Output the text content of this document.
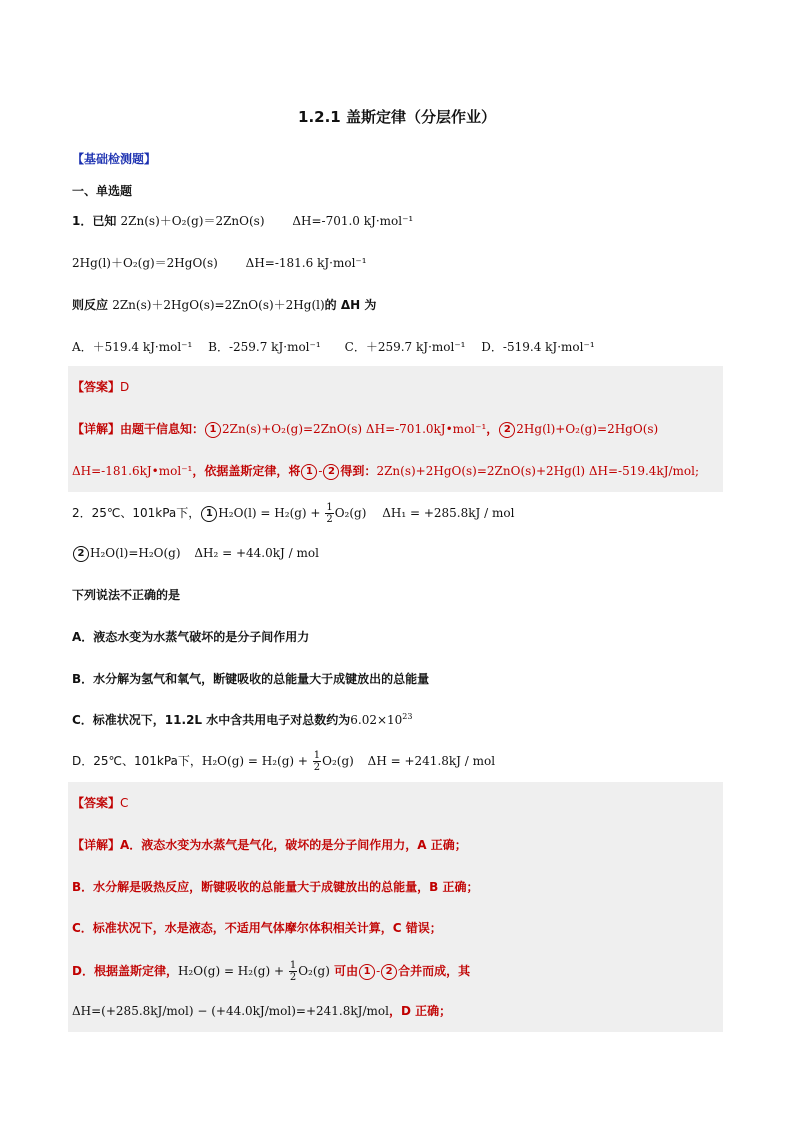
1.2.1 盖斯定律（分层作业）
【基础检测题】
一、单选题
1．已知 2Zn(s)＋O₂(g)＝2ZnO(s) ΔH=-701.0 kJ·mol⁻¹
2Hg(l)＋O₂(g)＝2HgO(s) ΔH=-181.6 kJ·mol⁻¹
则反应 2Zn(s)＋2HgO(s)=2ZnO(s)＋2Hg(l)的 ΔH 为
A．＋519.4 kJ·mol⁻¹　 B．-259.7 kJ·mol⁻¹　　C．＋259.7 kJ·mol⁻¹　 D．-519.4 kJ·mol⁻¹
【答案】D
【详解】由题干信息知： 1 2Zn(s)+O₂(g)=2ZnO(s) ΔH=-701.0kJ•mol⁻¹， 2 2Hg(l)+O₂(g)=2HgO(s)
ΔH=-181.6kJ•mol⁻¹，依据盖斯定律，将 1 - 2 得到：2Zn(s)+2HgO(s)=2ZnO(s)+2Hg(l) ΔH=-519.4kJ/mol;
2．25℃、101kPa下， 1 $H_2O(l) = H_2(g) + \frac{1}{2} O_2(g) \Delta H_1 = +285.8kJ$ / mol
2 H₂O(l)=H₂O(g) ΔH₂ = +44.0kJ / mol
下列说法不正确的是
A．液态水变为水蒸气破坏的是分子间作用力
B．水分解为氢气和氧气，断键吸收的总能量大于成键放出的总能量
C．标准状况下，11.2L 水中含共用电子对总数约为$6.02\times 10^{23}$
D．25℃、101kPa下，$H_2O(g) = H_2(g) + \frac{1}{2} O_2(g) \Delta H = +241.8kJ$ / mol
【答案】C
【详解】A．液态水变为水蒸气是气化，破坏的是分子间作用力，A 正确；
B．水分解是吸热反应，断键吸收的总能量大于成键放出的总能量，B 正确；
C．标准状况下，水是液态，不适用气体摩尔体积相关计算，C 错误；
D．根据盖斯定律，$H_2O(g) = H_2(g) + \frac{1}{2} O_2(g)$ 可由 1 - 2 合并而成，其
ΔH=(+285.8kJ/mol) − (+44.0kJ/mol)=+241.8kJ/mol，D 正确；
